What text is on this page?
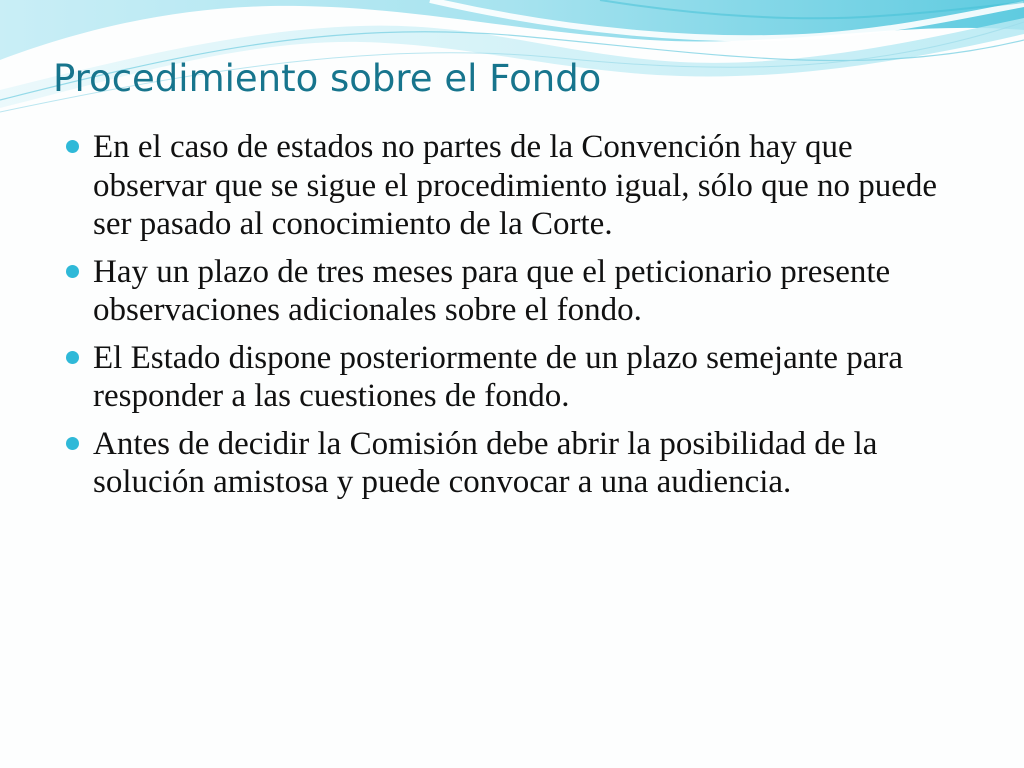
Procedimiento sobre el Fondo
En el caso de estados no partes de la Convención hay que observar que se sigue el procedimiento igual, sólo que no puede ser pasado al conocimiento de la Corte.
Hay un plazo de tres meses para que el peticionario presente observaciones adicionales sobre el fondo.
El Estado dispone posteriormente de un plazo semejante para responder a las cuestiones de fondo.
Antes de decidir la Comisión debe abrir la posibilidad de la solución amistosa y puede convocar a una audiencia.
